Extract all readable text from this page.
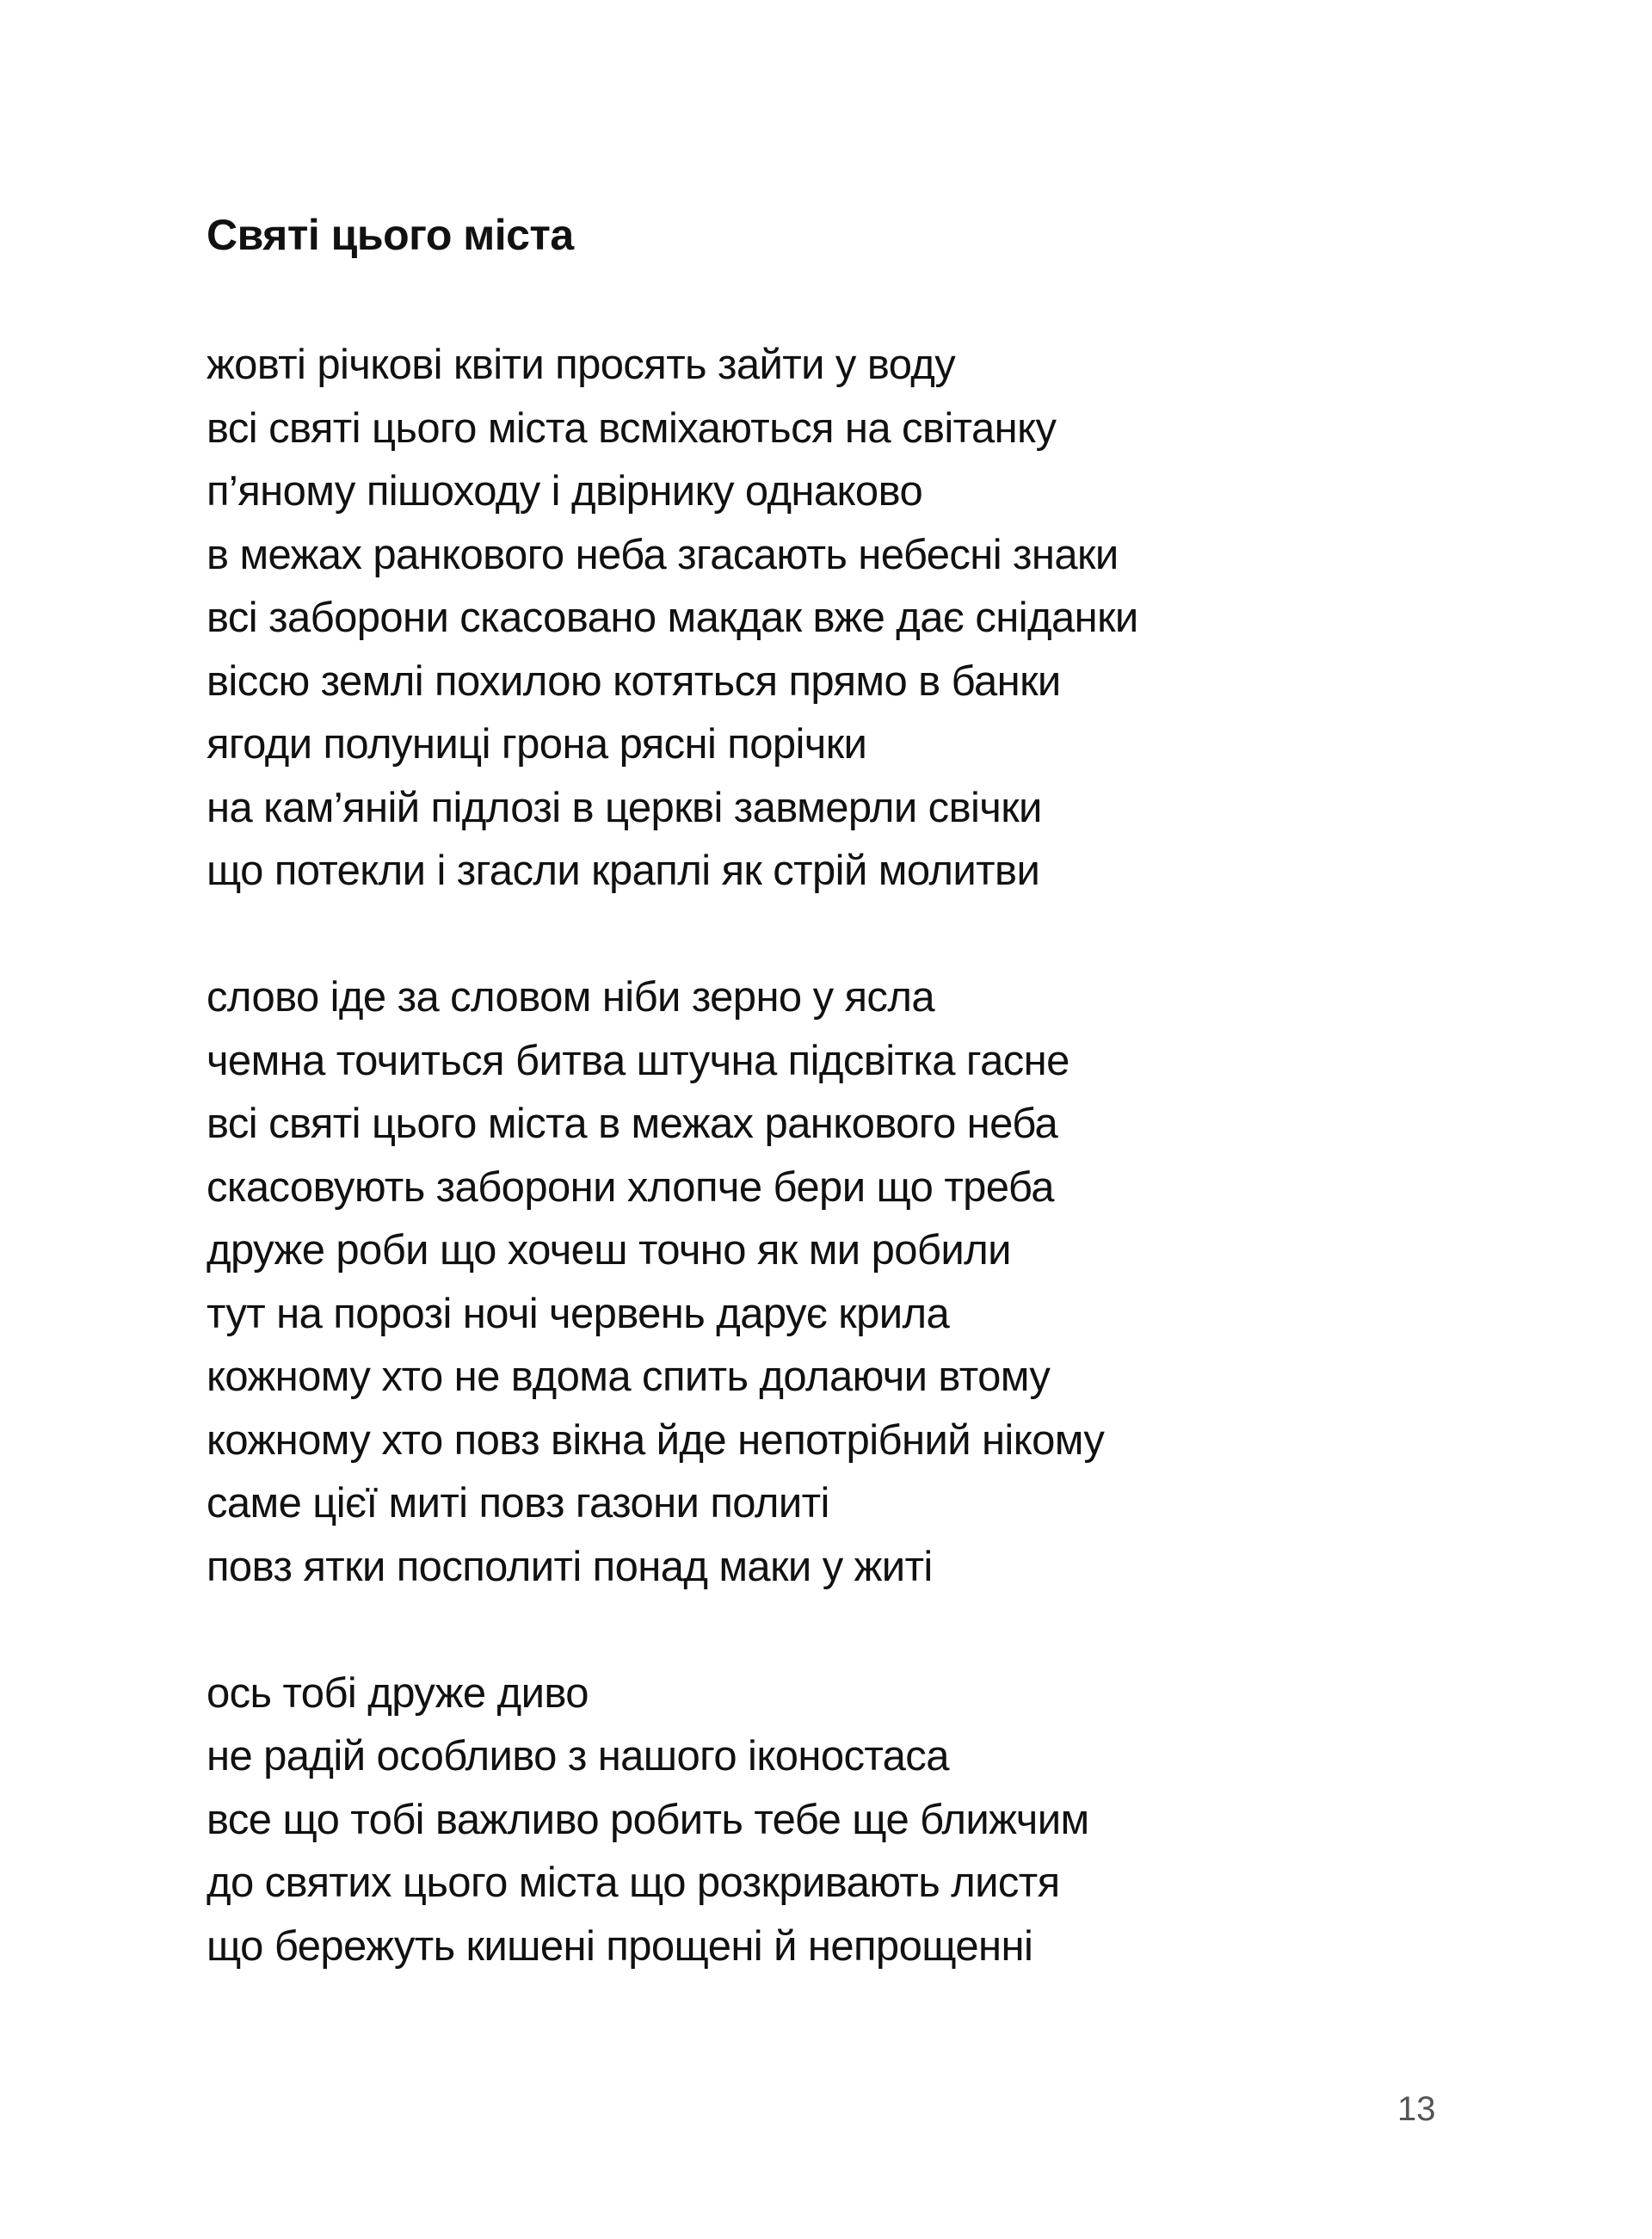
Святі цього міста
жовті річкові квіти просять зайти у воду
всі святі цього міста всміхаються на світанку
п’яному пішоходу і двірнику однаково
в межах ранкового неба згасають небесні знаки
всі заборони скасовано макдак вже дає сніданки
віссю землі похилою котяться прямо в банки
ягоди полуниці грона рясні порічки
на кам’яній підлозі в церкві завмерли свічки
що потекли і згасли краплі як стрій молитви
слово іде за словом ніби зерно у ясла
чемна точиться битва штучна підсвітка гасне
всі святі цього міста в межах ранкового неба
скасовують заборони хлопче бери що треба
друже роби що хочеш точно як ми робили
тут на порозі ночі червень дарує крила
кожному хто не вдома спить долаючи втому
кожному хто повз вікна йде непотрібний нікому
саме цієї миті повз газони политі
повз ятки посполиті понад маки у житі
ось тобі друже диво
не радій особливо з нашого іконостаса
все що тобі важливо робить тебе ще ближчим
до святих цього міста що розкривають листя
що бережуть кишені прощені й непрощенні
13
